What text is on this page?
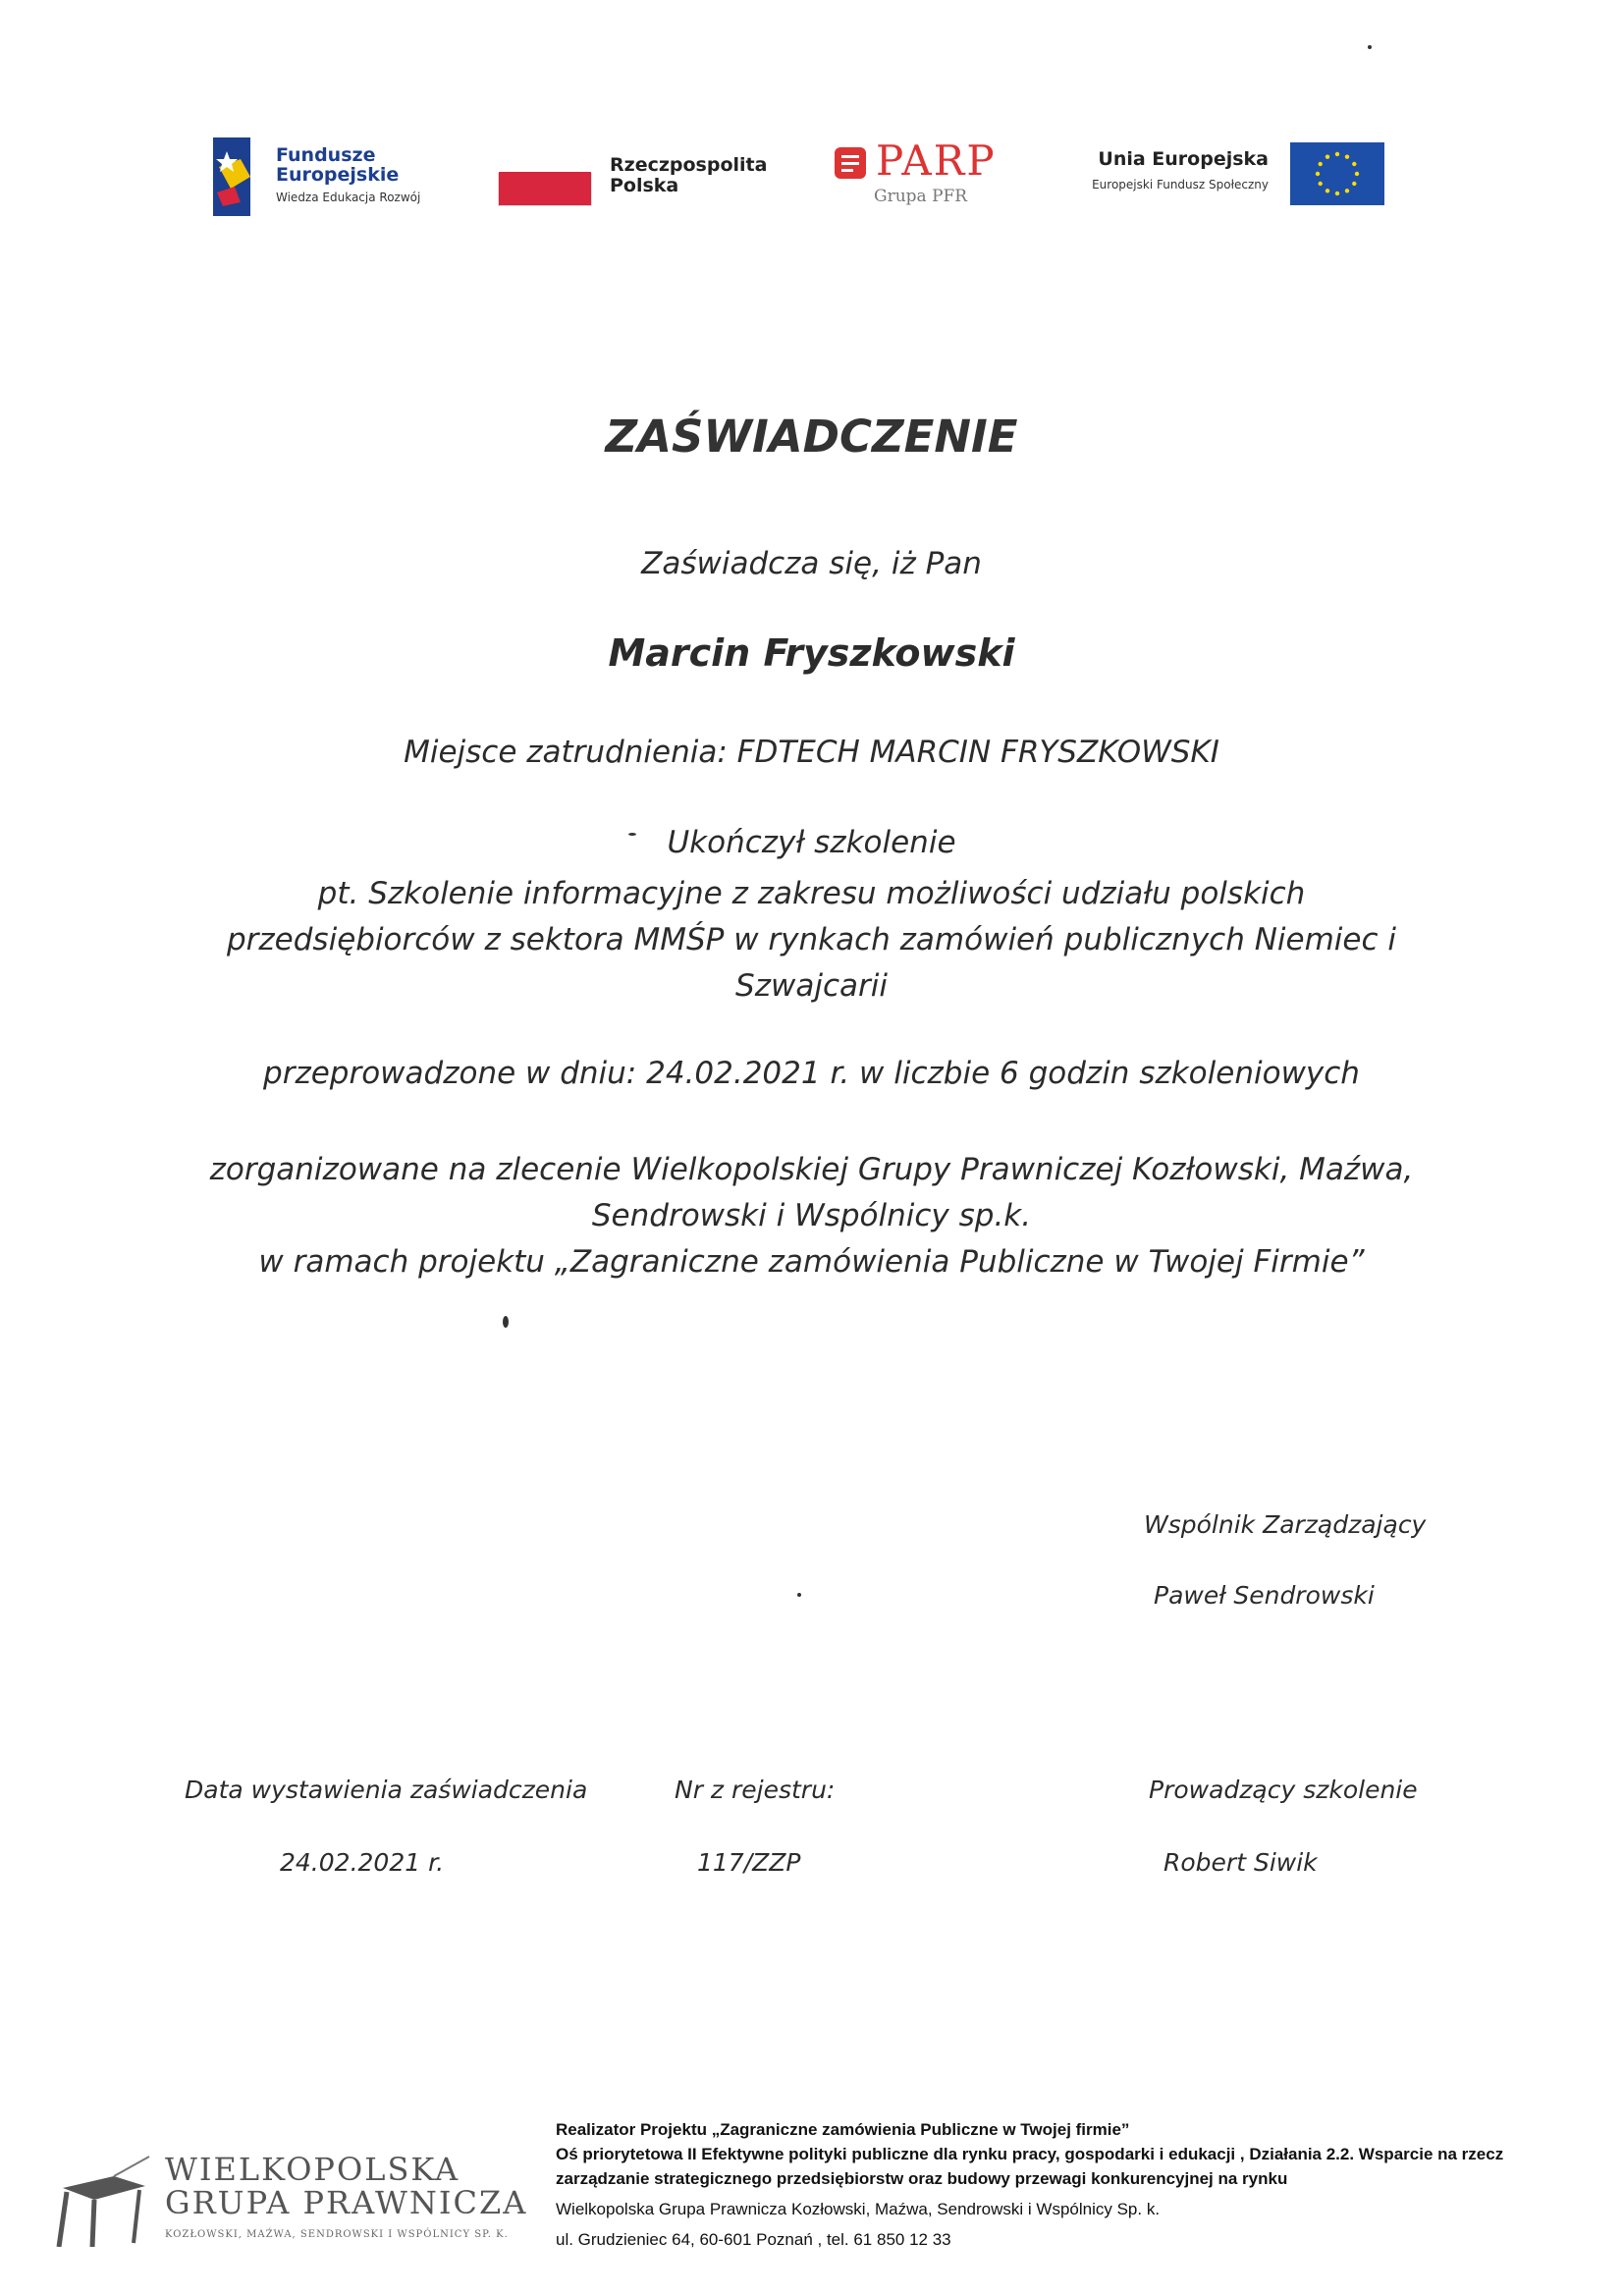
Fundusze
Europejskie
Wiedza Edukacja Rozwój
Rzeczpospolita
Polska
PARP
Grupa PFR
Unia Europejska
Europejski Fundusz Społeczny
ZAŚWIADCZENIE
Zaświadcza się, iż Pan
Marcin Fryszkowski
Miejsce zatrudnienia: FDTECH MARCIN FRYSZKOWSKI
Ukończył szkolenie
pt. Szkolenie informacyjne z zakresu możliwości udziału polskich
przedsiębiorców z sektora MMŚP w rynkach zamówień publicznych Niemiec i
Szwajcarii
przeprowadzone w dniu: 24.02.2021 r. w liczbie 6 godzin szkoleniowych
zorganizowane na zlecenie Wielkopolskiej Grupy Prawniczej Kozłowski, Maźwa,
Sendrowski i Wspólnicy sp.k.
w ramach projektu „Zagraniczne zamówienia Publiczne w Twojej Firmie”
Wspólnik Zarządzający
Paweł Sendrowski
Data wystawienia zaświadczenia
24.02.2021 r.
Nr z rejestru:
117/ZZP
Prowadzący szkolenie
Robert Siwik
WIELKOPOLSKA
GRUPA PRAWNICZA
KOZŁOWSKI, MAŹWA, SENDROWSKI I WSPÓLNICY SP. K.
Realizator Projektu „Zagraniczne zamówienia Publiczne w Twojej firmie”
Oś priorytetowa II Efektywne polityki publiczne dla rynku pracy, gospodarki i edukacji , Działania 2.2. Wsparcie na rzecz
zarządzanie strategicznego przedsiębiorstw oraz budowy przewagi konkurencyjnej na rynku
Wielkopolska Grupa Prawnicza Kozłowski, Maźwa, Sendrowski i Wspólnicy Sp. k.
ul. Grudzieniec 64, 60-601 Poznań , tel. 61 850 12 33
